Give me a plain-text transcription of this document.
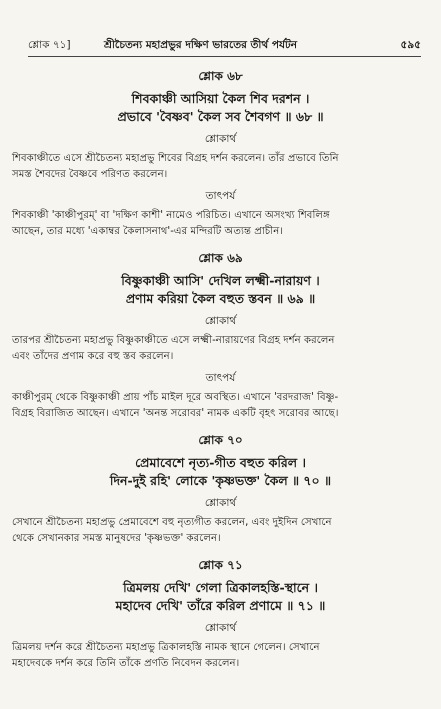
শ্লোক ৭১]	শ্রীচৈতন্য মহাপ্রভুর দক্ষিণ ভারতের তীর্থ পর্যটন	৫৯৫

শ্লোক ৬৮

শিবকাঞ্চী আসিয়া কৈল শিব দরশন ।

প্রভাবে 'বৈষ্ণব' কৈল সব শৈবগণ ॥ ৬৮ ॥

শ্লোকার্থ

শিবকাঞ্চীতে এসে শ্রীচৈতন্য মহাপ্রভু শিবের বিগ্রহ দর্শন করলেন। তাঁর প্রভাবে তিনি

সমস্ত শৈবদের বৈষ্ণবে পরিণত করলেন।

তাৎপর্য

শিবকাঞ্চী 'কাঞ্চীপুরম্' বা 'দক্ষিণ কাশী' নামেও পরিচিত। এখানে অসংখ্য শিবলিঙ্গ

আছেন, তার মধ্যে 'একাম্বর কৈলাসনাথ'-এর মন্দিরটি অত্যন্ত প্রাচীন।

শ্লোক ৬৯

বিষ্ণুকাঞ্চী আসি' দেখিল লক্ষ্মী-নারায়ণ ।

প্রণাম করিয়া কৈল বহুত স্তবন ॥ ৬৯ ॥

শ্লোকার্থ

তারপর শ্রীচৈতন্য মহাপ্রভু বিষ্ণুকাঞ্চীতে এসে লক্ষ্মী-নারায়ণের বিগ্রহ দর্শন করলেন

এবং তাঁদের প্রণাম করে বহু স্তব করলেন।

তাৎপর্য

কাঞ্চীপুরম্ থেকে বিষ্ণুকাঞ্চী প্রায় পাঁচ মাইল দূরে অবস্থিত। এখানে 'বরদরাজ' বিষ্ণু-

বিগ্রহ বিরাজিত আছেন। এখানে 'অনন্ত সরোবর' নামক একটি বৃহৎ সরোবর আছে।

শ্লোক ৭০

প্রেমাবেশে নৃত্য-গীত বহুত করিল ।

দিন-দুই রহি' লোকে 'কৃষ্ণভক্ত' কৈল ॥ ৭০ ॥

শ্লোকার্থ

সেখানে শ্রীচৈতন্য মহাপ্রভু প্রেমাবেশে বহু নৃত্যগীত করলেন, এবং দুইদিন সেখানে

থেকে সেখানকার সমস্ত মানুষদের 'কৃষ্ণভক্ত' করলেন।

শ্লোক ৭১

ত্রিমলয় দেখি' গেলা ত্রিকালহস্তি-স্থানে ।

মহাদেব দেখি' তাঁরে করিল প্রণামে ॥ ৭১ ॥

শ্লোকার্থ

ত্রিমলয় দর্শন করে শ্রীচৈতন্য মহাপ্রভু ত্রিকালহস্তি নামক স্থানে গেলেন। সেখানে

মহাদেবকে দর্শন করে তিনি তাঁকে প্রণতি নিবেদন করলেন।
